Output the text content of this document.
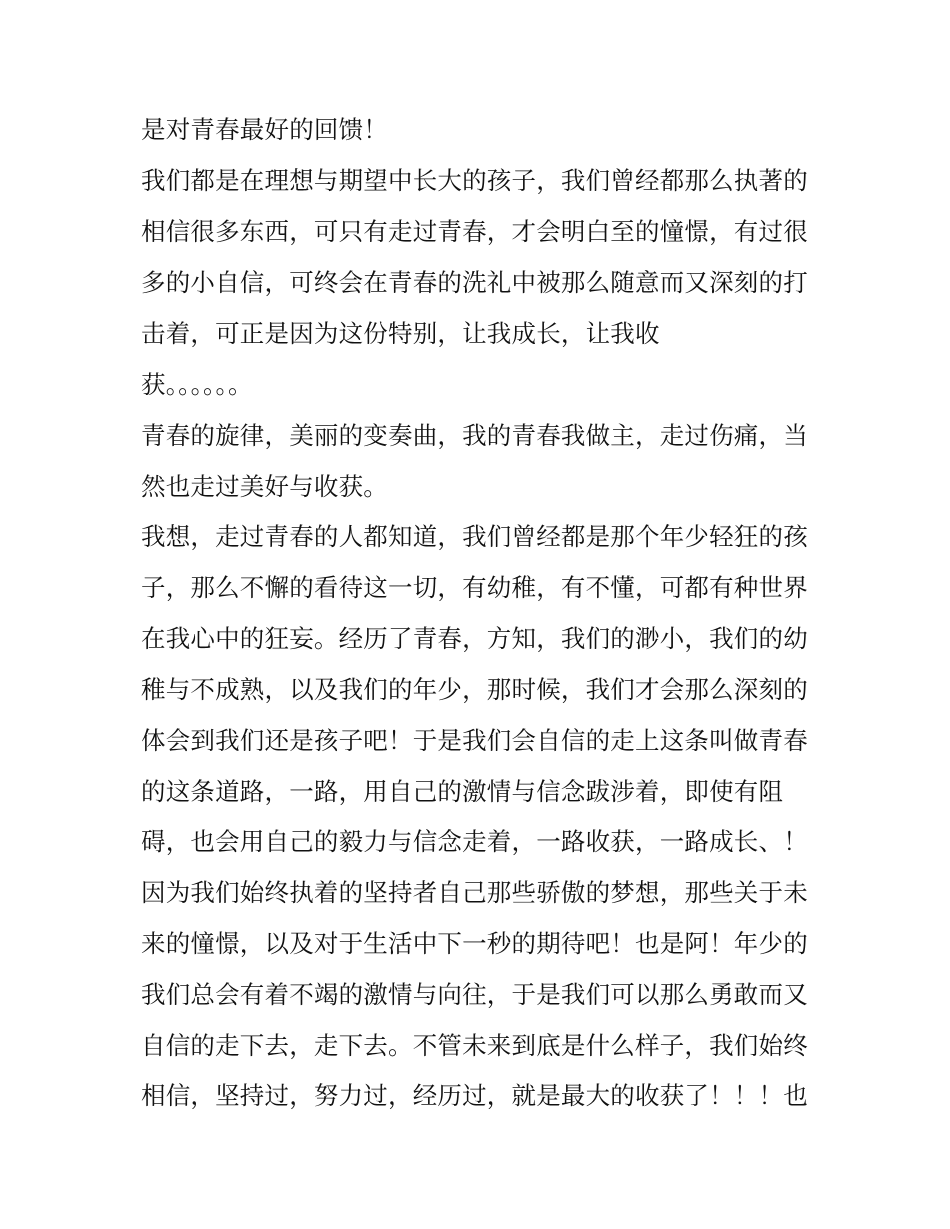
是对青春最好的回馈！
我们都是在理想与期望中长大的孩子，我们曾经都那么执著的
相信很多东西，可只有走过青春，才会明白至的憧憬，有过很
多的小自信，可终会在青春的洗礼中被那么随意而又深刻的打
击着，可正是因为这份特别，让我成长，让我收
获。。。。。。
青春的旋律，美丽的变奏曲，我的青春我做主，走过伤痛，当
然也走过美好与收获。
我想，走过青春的人都知道，我们曾经都是那个年少轻狂的孩
子，那么不懈的看待这一切，有幼稚，有不懂，可都有种世界
在我心中的狂妄。经历了青春，方知，我们的渺小，我们的幼
稚与不成熟，以及我们的年少，那时候，我们才会那么深刻的
体会到我们还是孩子吧！于是我们会自信的走上这条叫做青春
的这条道路，一路，用自己的激情与信念跋涉着，即使有阻
碍，也会用自己的毅力与信念走着，一路收获，一路成长、！
因为我们始终执着的坚持者自己那些骄傲的梦想，那些关于未
来的憧憬，以及对于生活中下一秒的期待吧！也是阿！年少的
我们总会有着不竭的激情与向往，于是我们可以那么勇敢而又
自信的走下去，走下去。不管未来到底是什么样子，我们始终
相信，坚持过，努力过，经历过，就是最大的收获了！！！也
